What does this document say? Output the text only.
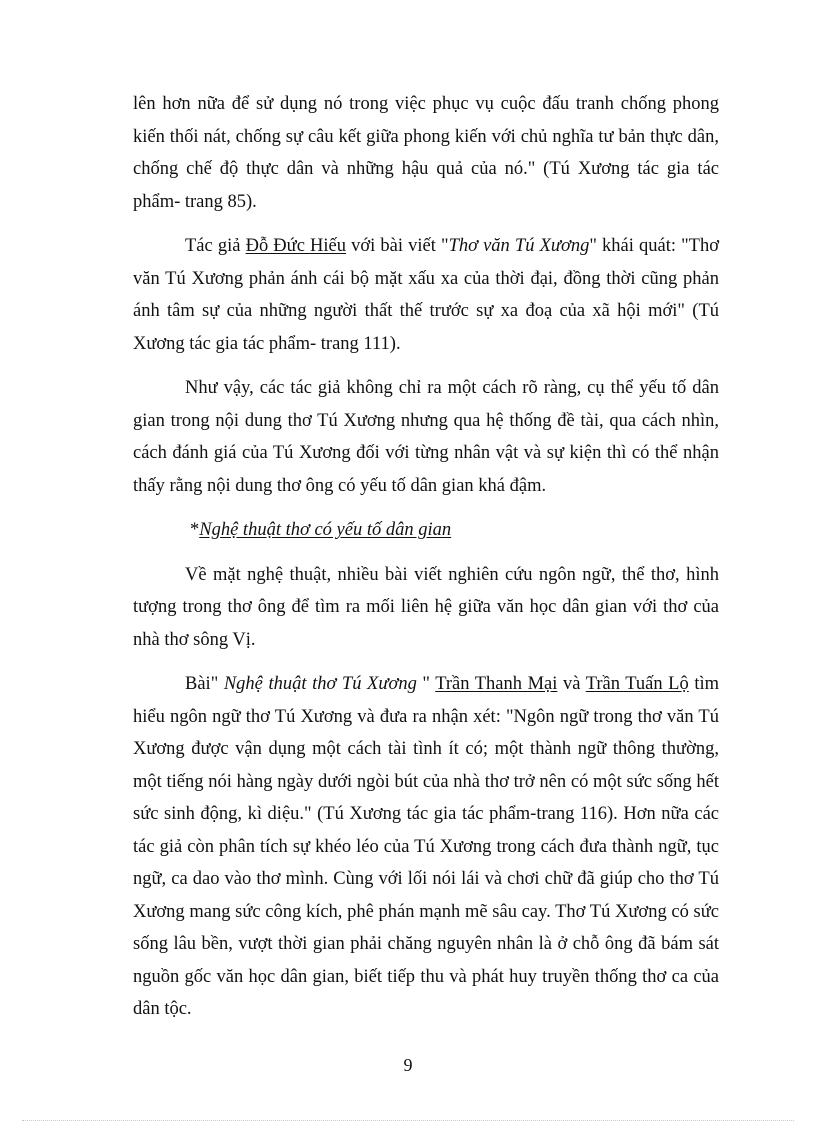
lên hơn nữa để sử dụng nó trong việc phục vụ cuộc đấu tranh chống phong kiến thối nát, chống sự câu kết giữa phong kiến với chủ nghĩa tư bản thực dân, chống chế độ thực dân và những hậu quả của nó." (Tú Xương tác gia tác phẩm- trang 85).

Tác giả Đỗ Đức Hiếu với bài viết "Thơ văn Tú Xương" khái quát: "Thơ văn Tú Xương phản ánh cái bộ mặt xấu xa của thời đại, đồng thời cũng phản ánh tâm sự của những người thất thế trước sự xa đoạ của xã hội mới" (Tú Xương tác gia tác phẩm- trang 111).

Như vậy, các tác giả không chỉ ra một cách rõ ràng, cụ thể yếu tố dân gian trong nội dung thơ Tú Xương nhưng qua hệ thống đề tài, qua cách nhìn, cách đánh giá của Tú Xương đối với từng nhân vật và sự kiện thì có thể nhận thấy rằng nội dung thơ ông có yếu tố dân gian khá đậm.

*Nghệ thuật thơ có yếu tố dân gian

Về mặt nghệ thuật, nhiều bài viết nghiên cứu ngôn ngữ, thể thơ, hình tượng trong thơ ông để tìm ra mối liên hệ giữa văn học dân gian với thơ của nhà thơ sông Vị.

Bài" Nghệ thuật thơ Tú Xương " Trần Thanh Mại và Trần Tuấn Lộ tìm hiểu ngôn ngữ thơ Tú Xương và đưa ra nhận xét: "Ngôn ngữ trong thơ văn Tú Xương được vận dụng một cách tài tình ít có; một thành ngữ thông thường, một tiếng nói hàng ngày dưới ngòi bút của nhà thơ trở nên có một sức sống hết sức sinh động, kì diệu." (Tú Xương tác gia tác phẩm-trang 116). Hơn nữa các tác giả còn phân tích sự khéo léo của Tú Xương trong cách đưa thành ngữ, tục ngữ, ca dao vào thơ mình. Cùng với lối nói lái và chơi chữ đã giúp cho thơ Tú Xương mang sức công kích, phê phán mạnh mẽ sâu cay. Thơ Tú Xương có sức sống lâu bền, vượt thời gian phải chăng nguyên nhân là ở chỗ ông đã bám sát nguồn gốc văn học dân gian, biết tiếp thu và phát huy truyền thống thơ ca của dân tộc.

9
